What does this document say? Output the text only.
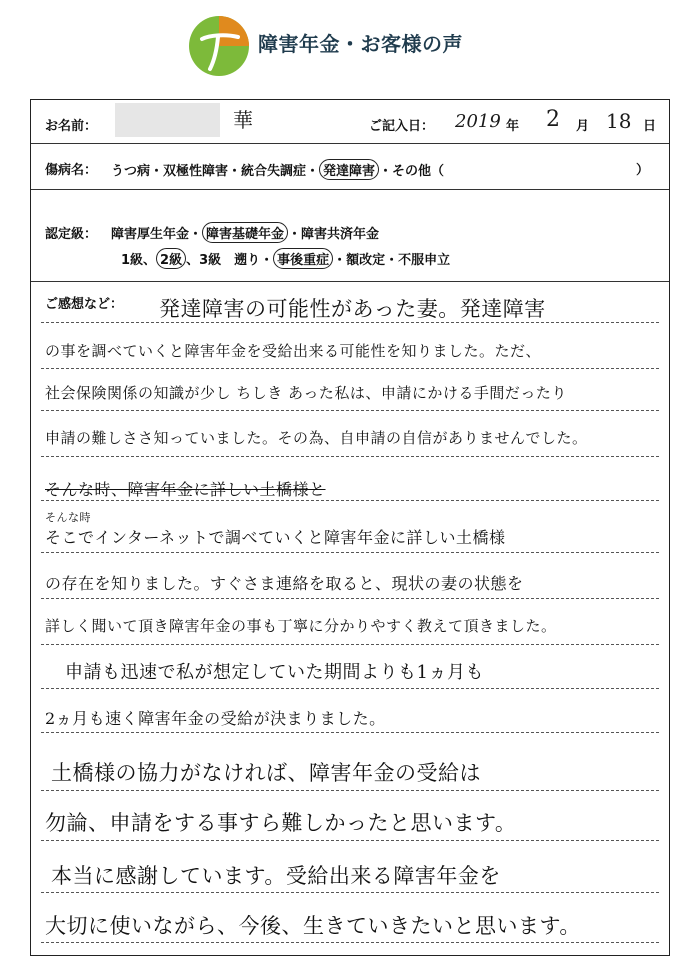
障害年金・お客様の声
お名前：	華	ご記入日： 2019 年 2 月 18 日
傷病名： うつ病・双極性障害・統合失調症・ 発達障害 ・その他（	）
認定級： 障害厚生年金・ 障害基礎年金 ・障害共済年金
1級、 2級 、3級　遡り・ 事後重症 ・額改定・不服申立
ご感想など： 発達障害の可能性があった妻。発達障害
の事を調べていくと障害年金を受給出来る可能性を知りました。ただ、
社会保険関係の知識が少し ちしき あった私は、申請にかける手間だったり
申請の難しささ知っていました。その為、自申請の自信がありませんでした。
そんな時、障害年金に詳しい土橋様と
そんな時
そこでインターネットで調べていくと障害年金に詳しい土橋様
の存在を知りました。すぐさま連絡を取ると、現状の妻の状態を
詳しく聞いて頂き障害年金の事も丁寧に分かりやすく教えて頂きました。
申請も迅速で私が想定していた期間よりも1ヵ月も
2ヵ月も速く障害年金の受給が決まりました。
土橋様の協力がなければ、障害年金の受給は
勿論、申請をする事すら難しかったと思います。
本当に感謝しています。受給出来る障害年金を
大切に使いながら、今後、生きていきたいと思います。
